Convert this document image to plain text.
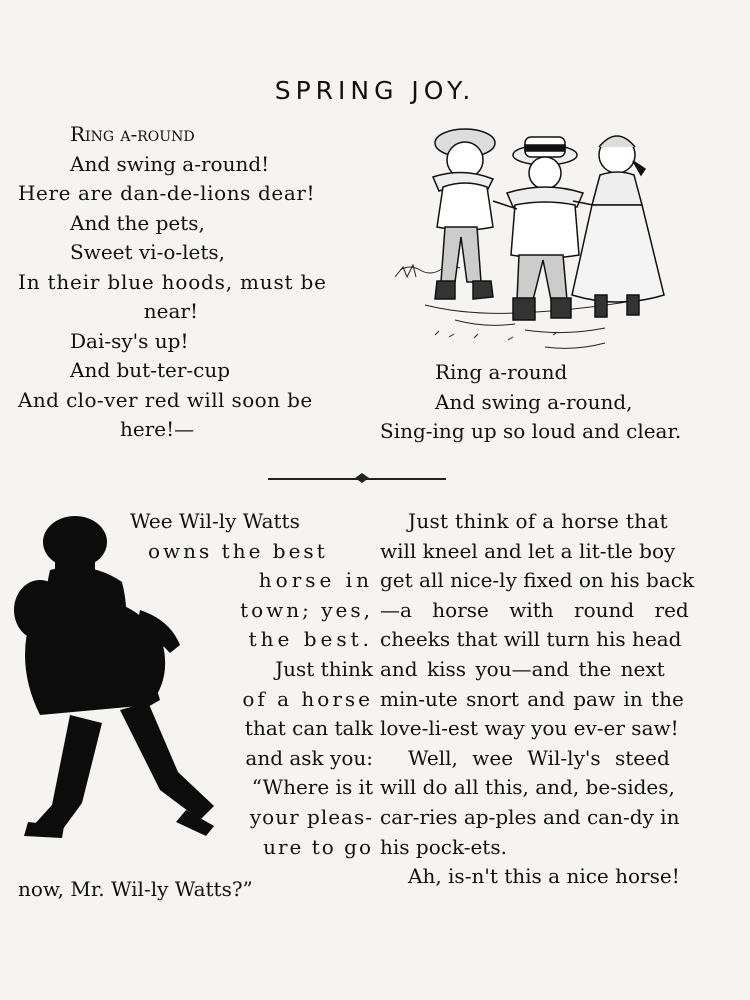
SPRING JOY.
Ring a-round
And swing a-round!
Here are dan-de-lions dear!
And the pets,
Sweet vi-o-lets,
In their blue hoods, must be
near!
Dai-sy's up!
And but-ter-cup
And clo-ver red will soon be
here!—
Ring a-round
And swing a-round,
Sing-ing up so loud and clear.
Wee Wil-ly Watts
owns the best
horse in
town; yes,
the best.
Just think
of a horse
that can talk
and ask you:
“Where is it
your pleas-
ure to go
now, Mr. Wil-ly Watts?”
Just think of a horse that
will kneel and let a lit-tle boy
get all nice-ly fixed on his back
—a horse with round red
cheeks that will turn his head
and kiss you—and the next
min-ute snort and paw in the
love-li-est way you ev-er saw!
Well, wee Wil-ly's steed
will do all this, and, be-sides,
car-ries ap-ples and can-dy in
his pock-ets.
Ah, is-n't this a nice horse!
